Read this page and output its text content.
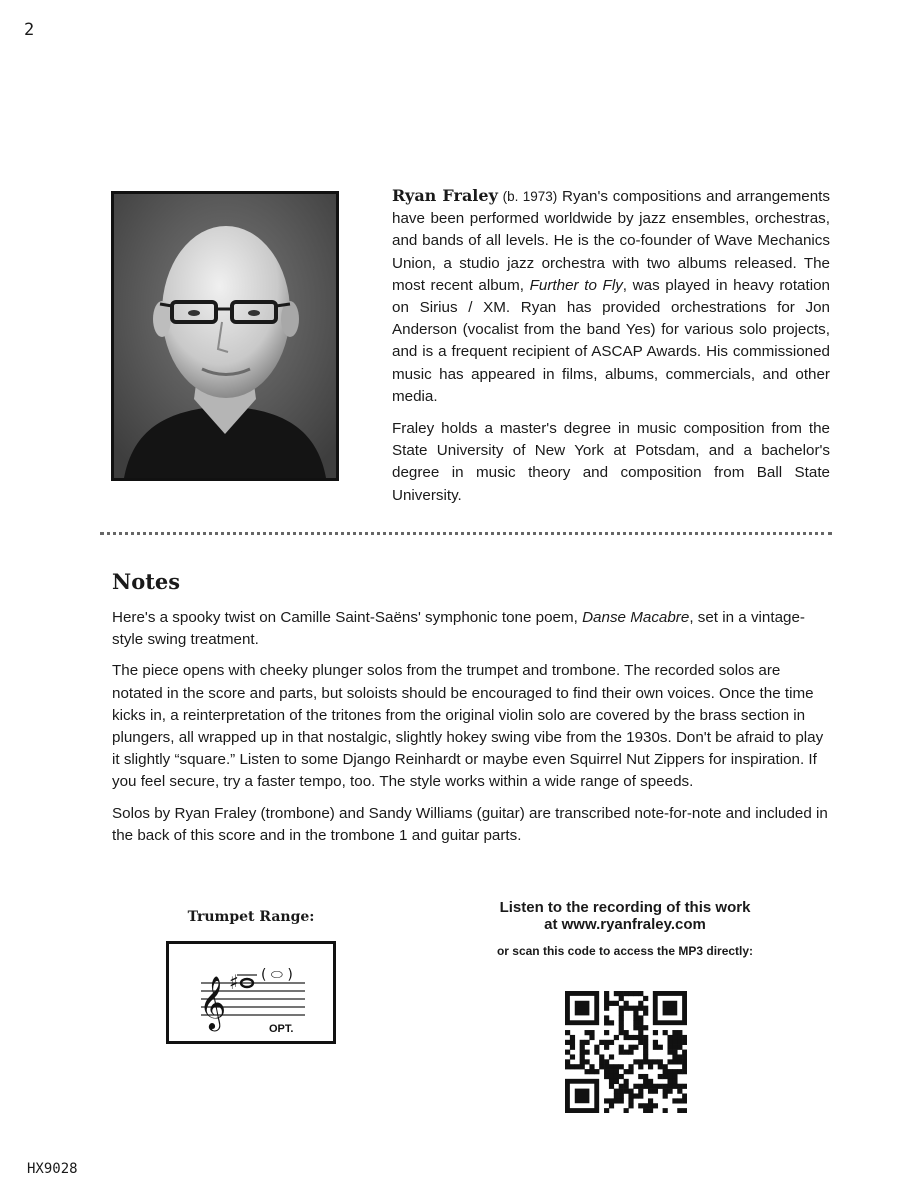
2

Ryan Fraley (b. 1973) Ryan's compositions and arrangements have been performed worldwide by jazz ensembles, orchestras, and bands of all levels. He is the co-founder of Wave Mechanics Union, a studio jazz orchestra with two albums released. The most recent album, Further to Fly, was played in heavy rotation on Sirius / XM. Ryan has provided orchestrations for Jon Anderson (vocalist from the band Yes) for various solo projects, and is a frequent recipient of ASCAP Awards. His commissioned music has appeared in films, albums, commercials, and other media.

Fraley holds a master's degree in music composition from the State University of New York at Potsdam, and a bachelor's degree in music theory and composition from Ball State University.

Notes

Here's a spooky twist on Camille Saint-Saëns' symphonic tone poem, Danse Macabre, set in a vintage-style swing treatment.

The piece opens with cheeky plunger solos from the trumpet and trombone. The recorded solos are notated in the score and parts, but soloists should be encouraged to find their own voices. Once the time kicks in, a reinterpretation of the tritones from the original violin solo are covered by the brass section in plungers, all wrapped up in that nostalgic, slightly hokey swing vibe from the 1930s. Don't be afraid to play it slightly “square.” Listen to some Django Reinhardt or maybe even Squirrel Nut Zippers for inspiration. If you feel secure, try a faster tempo, too. The style works within a wide range of speeds.

Solos by Ryan Fraley (trombone) and Sandy Williams (guitar) are transcribed note-for-note and included in the back of this score and in the trombone 1 and guitar parts.

Trumpet Range:
𝄞 ♯ ( ⬭ )
OPT.
Listen to the recording of this work
at www.ryanfraley.com
or scan this code to access the MP3 directly:
HX9028
